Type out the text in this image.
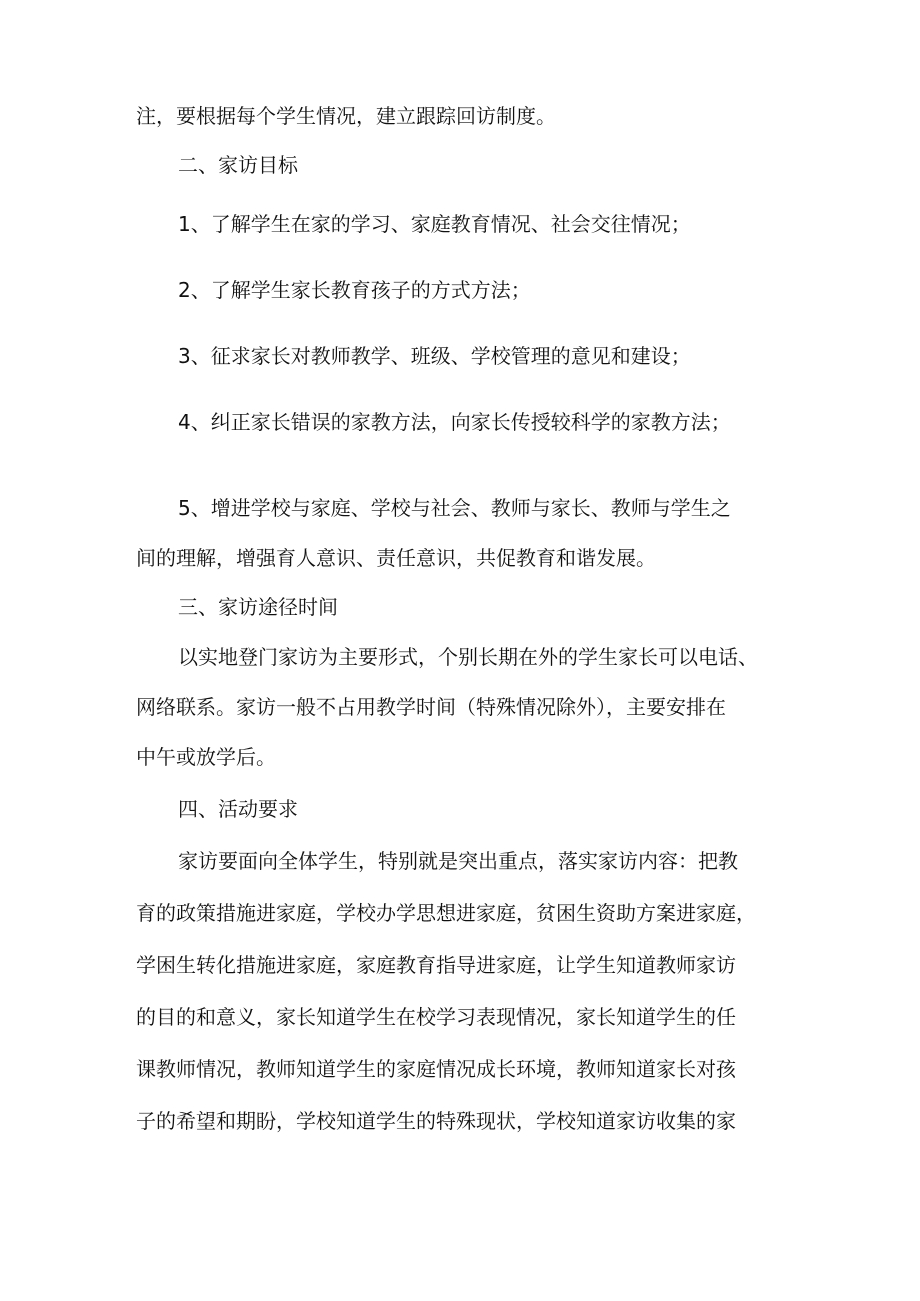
注，要根据每个学生情况，建立跟踪回访制度。
二、家访目标
1、了解学生在家的学习、家庭教育情况、社会交往情况；
2、了解学生家长教育孩子的方式方法；
3、征求家长对教师教学、班级、学校管理的意见和建设；
4、纠正家长错误的家教方法，向家长传授较科学的家教方法；
5、增进学校与家庭、学校与社会、教师与家长、教师与学生之
间的理解，增强育人意识、责任意识，共促教育和谐发展。
三、家访途径时间
以实地登门家访为主要形式，个别长期在外的学生家长可以电话、
网络联系。家访一般不占用教学时间（特殊情况除外），主要安排在
中午或放学后。
四、活动要求
家访要面向全体学生，特别就是突出重点，落实家访内容：把教
育的政策措施进家庭，学校办学思想进家庭，贫困生资助方案进家庭，
学困生转化措施进家庭，家庭教育指导进家庭，让学生知道教师家访
的目的和意义，家长知道学生在校学习表现情况，家长知道学生的任
课教师情况，教师知道学生的家庭情况成长环境，教师知道家长对孩
子的希望和期盼，学校知道学生的特殊现状，学校知道家访收集的家
